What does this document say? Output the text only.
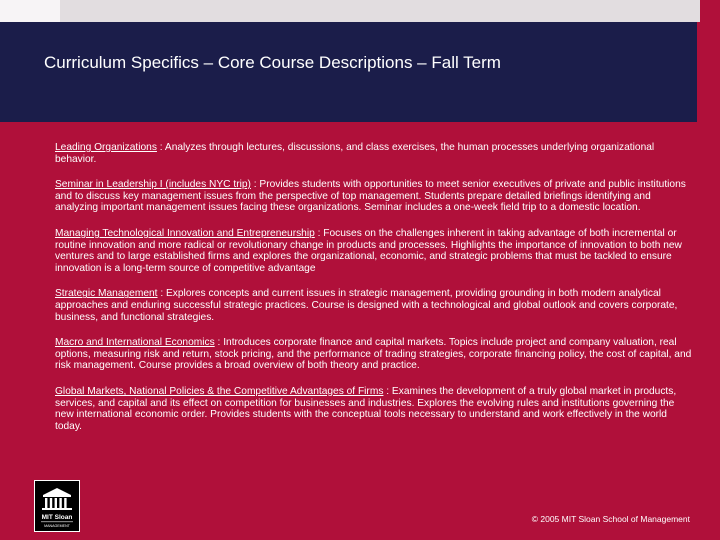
Curriculum Specifics – Core Course Descriptions – Fall Term

Leading Organizations : Analyzes through lectures, discussions, and class exercises, the human processes underlying organizational behavior.

Seminar in Leadership I (includes NYC trip) : Provides students with opportunities to meet senior executives of private and public institutions and to discuss key management issues from the perspective of top management. Students prepare detailed briefings identifying and analyzing important management issues facing these organizations. Seminar includes a one-week field trip to a domestic location.

Managing Technological Innovation and Entrepreneurship : Focuses on the challenges inherent in taking advantage of both incremental or routine innovation and more radical or revolutionary change in products and processes. Highlights the importance of innovation to both new ventures and to large established firms and explores the organizational, economic, and strategic problems that must be tackled to ensure innovation is a long-term source of competitive advantage

Strategic Management : Explores concepts and current issues in strategic management, providing grounding in both modern analytical approaches and enduring successful strategic practices. Course is designed with a technological and global outlook and covers corporate, business, and functional strategies.

Macro and International Economics : Introduces corporate finance and capital markets. Topics include project and company valuation, real options, measuring risk and return, stock pricing, and the performance of trading strategies, corporate financing policy, the cost of capital, and risk management. Course provides a broad overview of both theory and practice.

Global Markets, National Policies & the Competitive Advantages of Firms : Examines the development of a truly global market in products, services, and capital and its effect on competition for businesses and industries. Explores the evolving rules and institutions governing the new international economic order. Provides students with the conceptual tools necessary to understand and work effectively in the world today.

MIT Sloan
MANAGEMENT
© 2005 MIT Sloan School of Management
